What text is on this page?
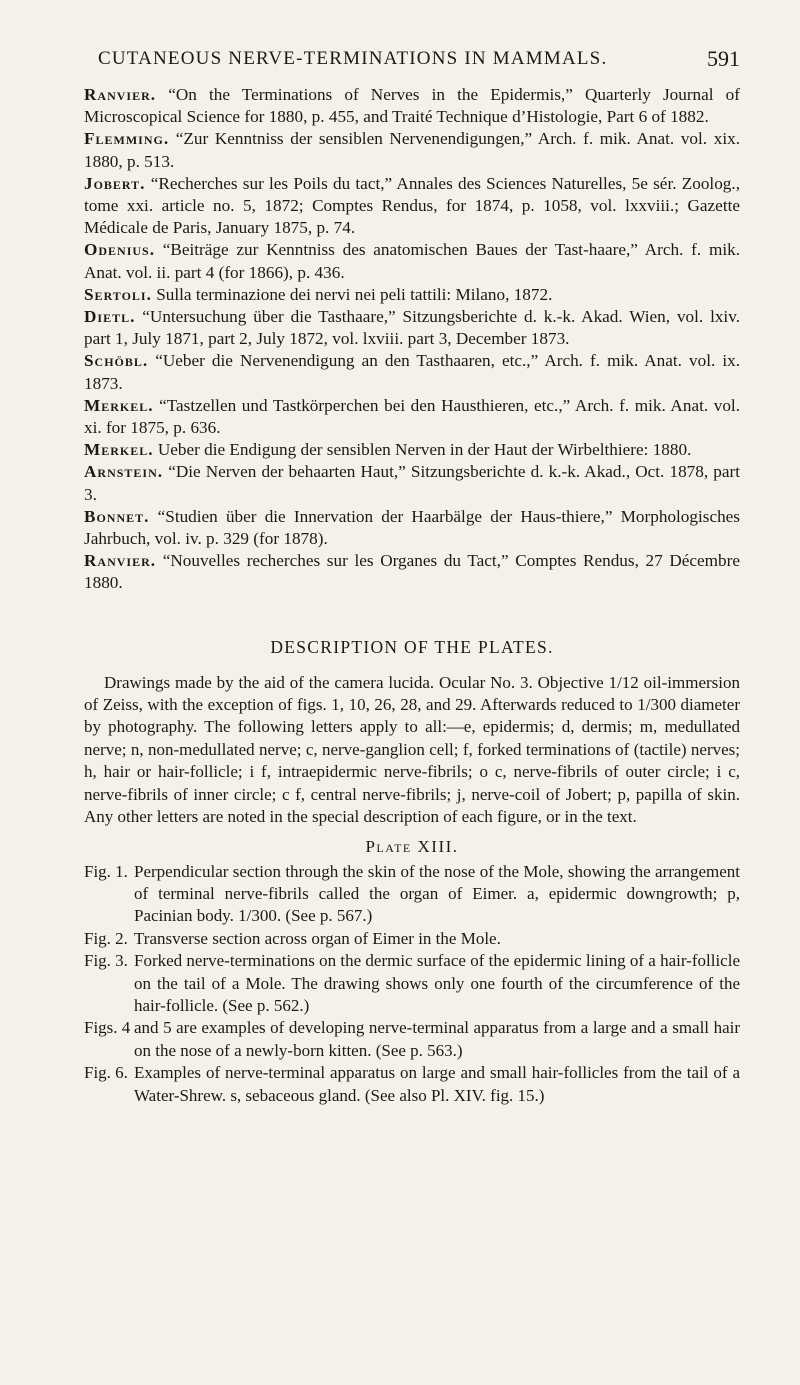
CUTANEOUS NERVE-TERMINATIONS IN MAMMALS.	591

Ranvier. “On the Terminations of Nerves in the Epidermis,” Quarterly Journal of Microscopical Science for 1880, p. 455, and Traité Technique d’Histologie, Part 6 of 1882.

Flemming. “Zur Kenntniss der sensiblen Nervenendigungen,” Arch. f. mik. Anat. vol. xix. 1880, p. 513.

Jobert. “Recherches sur les Poils du tact,” Annales des Sciences Naturelles, 5e sér. Zoolog., tome xxi. article no. 5, 1872; Comptes Rendus, for 1874, p. 1058, vol. lxxviii.; Gazette Médicale de Paris, January 1875, p. 74.

Odenius. “Beiträge zur Kenntniss des anatomischen Baues der Tast-haare,” Arch. f. mik. Anat. vol. ii. part 4 (for 1866), p. 436.

Sertoli. Sulla terminazione dei nervi nei peli tattili: Milano, 1872.

Dietl. “Untersuchung über die Tasthaare,” Sitzungsberichte d. k.-k. Akad. Wien, vol. lxiv. part 1, July 1871, part 2, July 1872, vol. lxviii. part 3, December 1873.

Schöbl. “Ueber die Nervenendigung an den Tasthaaren, etc.,” Arch. f. mik. Anat. vol. ix. 1873.

Merkel. “Tastzellen und Tastkörperchen bei den Hausthieren, etc.,” Arch. f. mik. Anat. vol. xi. for 1875, p. 636.

Merkel. Ueber die Endigung der sensiblen Nerven in der Haut der Wirbelthiere: 1880.

Arnstein. “Die Nerven der behaarten Haut,” Sitzungsberichte d. k.-k. Akad., Oct. 1878, part 3.

Bonnet. “Studien über die Innervation der Haarbälge der Haus-thiere,” Morphologisches Jahrbuch, vol. iv. p. 329 (for 1878).

Ranvier. “Nouvelles recherches sur les Organes du Tact,” Comptes Rendus, 27 Décembre 1880.

DESCRIPTION OF THE PLATES.

Drawings made by the aid of the camera lucida. Ocular No. 3. Objective 1/12 oil-immersion of Zeiss, with the exception of figs. 1, 10, 26, 28, and 29. Afterwards reduced to 1/300 diameter by photography. The following letters apply to all:—e, epidermis; d, dermis; m, medullated nerve; n, non-medullated nerve; c, nerve-ganglion cell; f, forked terminations of (tactile) nerves; h, hair or hair-follicle; i f, intraepidermic nerve-fibrils; o c, nerve-fibrils of outer circle; i c, nerve-fibrils of inner circle; c f, central nerve-fibrils; j, nerve-coil of Jobert; p, papilla of skin. Any other letters are noted in the special description of each figure, or in the text.

Plate XIII.
Fig. 1. Perpendicular section through the skin of the nose of the Mole, showing the arrangement of terminal nerve-fibrils called the organ of Eimer. a, epidermic downgrowth; p, Pacinian body. 1/300. (See p. 567.)
Fig. 2. Transverse section across organ of Eimer in the Mole.
Fig. 3. Forked nerve-terminations on the dermic surface of the epidermic lining of a hair-follicle on the tail of a Mole. The drawing shows only one fourth of the circumference of the hair-follicle. (See p. 562.)
Figs. 4 and 5 are examples of developing nerve-terminal apparatus from a large and a small hair on the nose of a newly-born kitten. (See p. 563.)
Fig. 6. Examples of nerve-terminal apparatus on large and small hair-follicles from the tail of a Water-Shrew. s, sebaceous gland. (See also Pl. XIV. fig. 15.)
